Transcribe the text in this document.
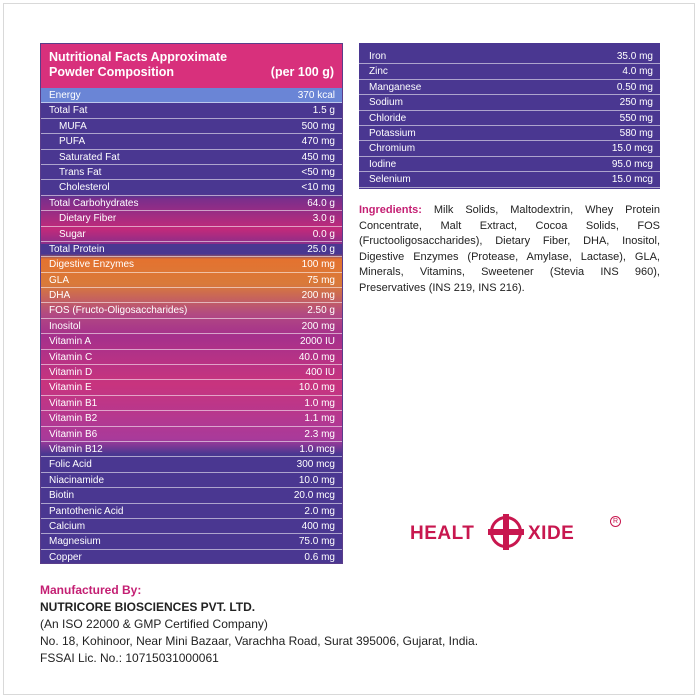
Nutritional Facts Approximate Powder Composition	(per 100 g)
Energy	370 kcal
Total Fat	1.5 g
MUFA	500 mg
PUFA	470 mg
Saturated Fat	450 mg
Trans Fat	<50 mg
Cholesterol	<10 mg
Total Carbohydrates	64.0 g
Dietary Fiber	3.0 g
Sugar	0.0 g
Total Protein	25.0 g
Digestive Enzymes	100 mg
GLA	75 mg
DHA	200 mg
FOS (Fructo-Oligosaccharides)	2.50 g
Inositol	200 mg
Vitamin A	2000 IU
Vitamin C	40.0 mg
Vitamin D	400 IU
Vitamin E	10.0 mg
Vitamin B1	1.0 mg
Vitamin B2	1.1 mg
Vitamin B6	2.3 mg
Vitamin B12	1.0 mcg
Folic Acid	300 mcg
Niacinamide	10.0 mg
Biotin	20.0 mcg
Pantothenic Acid	2.0 mg
Calcium	400 mg
Magnesium	75.0 mg
Copper	0.6 mg
Iron	35.0 mg
Zinc	4.0 mg
Manganese	0.50 mg
Sodium	250 mg
Chloride	550 mg
Potassium	580 mg
Chromium	15.0 mcg
Iodine	95.0 mcg
Selenium	15.0 mcg
Ingredients: Milk Solids, Maltodextrin, Whey Protein Concentrate, Malt Extract, Cocoa Solids, FOS (Fructooligosaccharides), Dietary Fiber, DHA, Inositol, Digestive Enzymes (Protease, Amylase, Lactase), GLA, Minerals, Vitamins, Sweetener (Stevia INS 960), Preservatives (INS 219, INS 216).
HEALT	XIDE
R
Manufactured By:
NUTRICORE BIOSCIENCES PVT. LTD.
(An ISO 22000 & GMP Certified Company)
No. 18, Kohinoor, Near Mini Bazaar, Varachha Road, Surat 395006, Gujarat, India.
FSSAI Lic. No.: 10715031000061
